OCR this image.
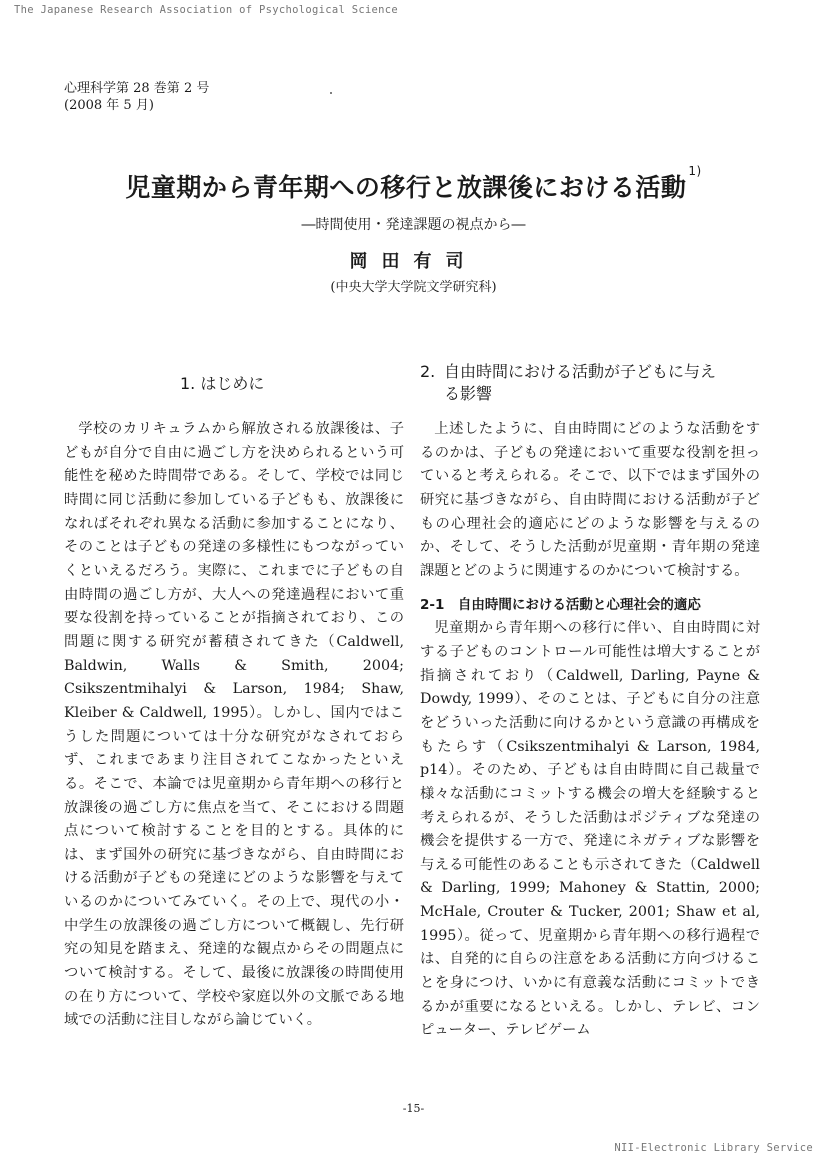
The Japanese Research Association of Psychological Science
心理科学第 28 巻第 2 号
(2008 年 5 月)
児童期から青年期への移行と放課後における活動$^{1)}$
―時間使用・発達課題の視点から―
岡田有司
(中央大学大学院文学研究科)
1. はじめに

学校のカリキュラムから解放される放課後は、子どもが自分で自由に過ごし方を決められるという可能性を秘めた時間帯である。そして、学校では同じ時間に同じ活動に参加している子どもも、放課後になればそれぞれ異なる活動に参加することになり、そのことは子どもの発達の多様性にもつながっていくといえるだろう。実際に、これまでに子どもの自由時間の過ごし方が、大人への発達過程において重要な役割を持っていることが指摘されており、この問題に関する研究が蓄積されてきた（Caldwell, Baldwin, Walls & Smith, 2004; Csikszentmihalyi & Larson, 1984; Shaw, Kleiber & Caldwell, 1995）。しかし、国内ではこうした問題については十分な研究がなされておらず、これまであまり注目されてこなかったといえる。そこで、本論では児童期から青年期への移行と放課後の過ごし方に焦点を当て、そこにおける問題点について検討することを目的とする。具体的には、まず国外の研究に基づきながら、自由時間における活動が子どもの発達にどのような影響を与えているのかについてみていく。その上で、現代の小・中学生の放課後の過ごし方について概観し、先行研究の知見を踏まえ、発達的な観点からその問題点について検討する。そして、最後に放課後の時間使用の在り方について、学校や家庭以外の文脈である地域での活動に注目しながら論じていく。

2. 自由時間における活動が子どもに与え
る影響

上述したように、自由時間にどのような活動をするのかは、子どもの発達において重要な役割を担っていると考えられる。そこで、以下ではまず国外の研究に基づきながら、自由時間における活動が子どもの心理社会的適応にどのような影響を与えるのか、そして、そうした活動が児童期・青年期の発達課題とどのように関連するのかについて検討する。

2-1　自由時間における活動と心理社会的適応

児童期から青年期への移行に伴い、自由時間に対する子どものコントロール可能性は増大することが指摘されており（Caldwell, Darling, Payne & Dowdy, 1999）、そのことは、子どもに自分の注意をどういった活動に向けるかという意識の再構成をもたらす（Csikszentmihalyi & Larson, 1984, p14）。そのため、子どもは自由時間に自己裁量で様々な活動にコミットする機会の増大を経験すると考えられるが、そうした活動はポジティブな発達の機会を提供する一方で、発達にネガティブな影響を与える可能性のあることも示されてきた（Caldwell & Darling, 1999; Mahoney & Stattin, 2000; McHale, Crouter & Tucker, 2001; Shaw et al, 1995）。従って、児童期から青年期への移行過程では、自発的に自らの注意をある活動に方向づけることを身につけ、いかに有意義な活動にコミットできるかが重要になるといえる。しかし、テレビ、コンピューター、テレビゲーム

-15-
NII-Electronic Library Service
